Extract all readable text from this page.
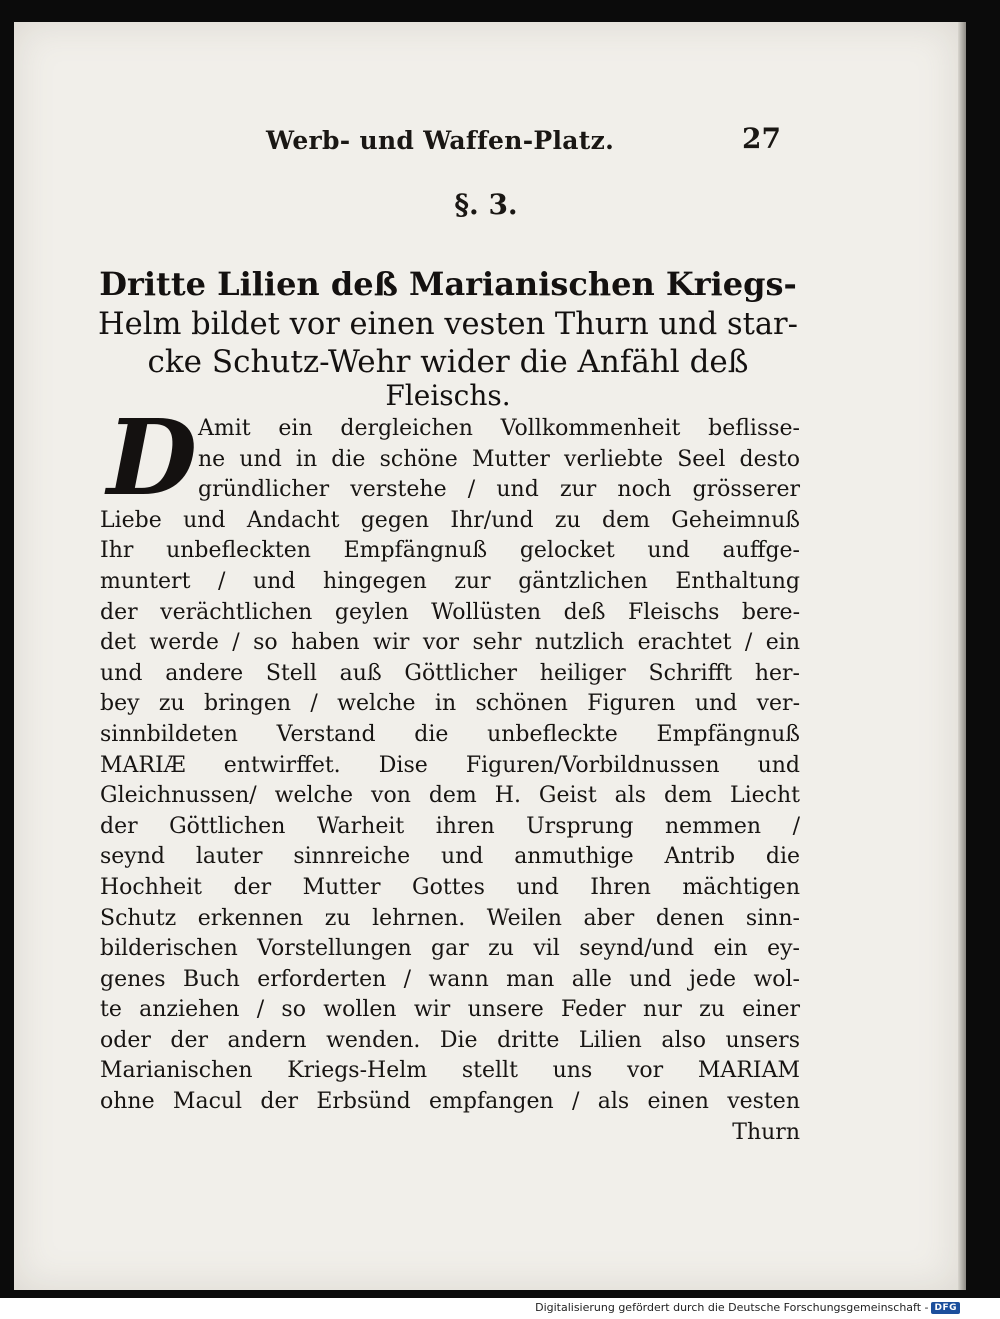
Werb- und Waffen-Platz.	27
§. 3.
Dritte Lilien deß Marianischen Kriegs-
Helm bildet vor einen vesten Thurn und star-
cke Schutz-Wehr wider die Anfähl deß
Fleischs.
D Amit ein dergleichen Vollkommenheit beflisse-
ne und in die schöne Mutter verliebte Seel desto
gründlicher verstehe / und zur noch grösserer
Liebe und Andacht gegen Ihr/und zu dem Geheimnuß
Ihr unbefleckten Empfängnuß gelocket und auffge-
muntert / und hingegen zur gäntzlichen Enthaltung
der verächtlichen geylen Wollüsten deß Fleischs bere-
det werde / so haben wir vor sehr nutzlich erachtet / ein
und andere Stell auß Göttlicher heiliger Schrifft her-
bey zu bringen / welche in schönen Figuren und ver-
sinnbildeten Verstand die unbefleckte Empfängnuß
MARIÆ entwirffet. Dise Figuren/Vorbildnussen und
Gleichnussen/ welche von dem H. Geist als dem Liecht
der Göttlichen Warheit ihren Ursprung nemmen /
seynd lauter sinnreiche und anmuthige Antrib die
Hochheit der Mutter Gottes und Ihren mächtigen
Schutz erkennen zu lehrnen. Weilen aber denen sinn-
bilderischen Vorstellungen gar zu vil seynd/und ein ey-
genes Buch erforderten / wann man alle und jede wol-
te anziehen / so wollen wir unsere Feder nur zu einer
oder der andern wenden. Die dritte Lilien also unsers
Marianischen Kriegs-Helm stellt uns vor MARIAM
ohne Macul der Erbsünd empfangen / als einen vesten
Thurn
Digitalisierung gefördert durch die Deutsche Forschungsgemeinschaft - DFG
